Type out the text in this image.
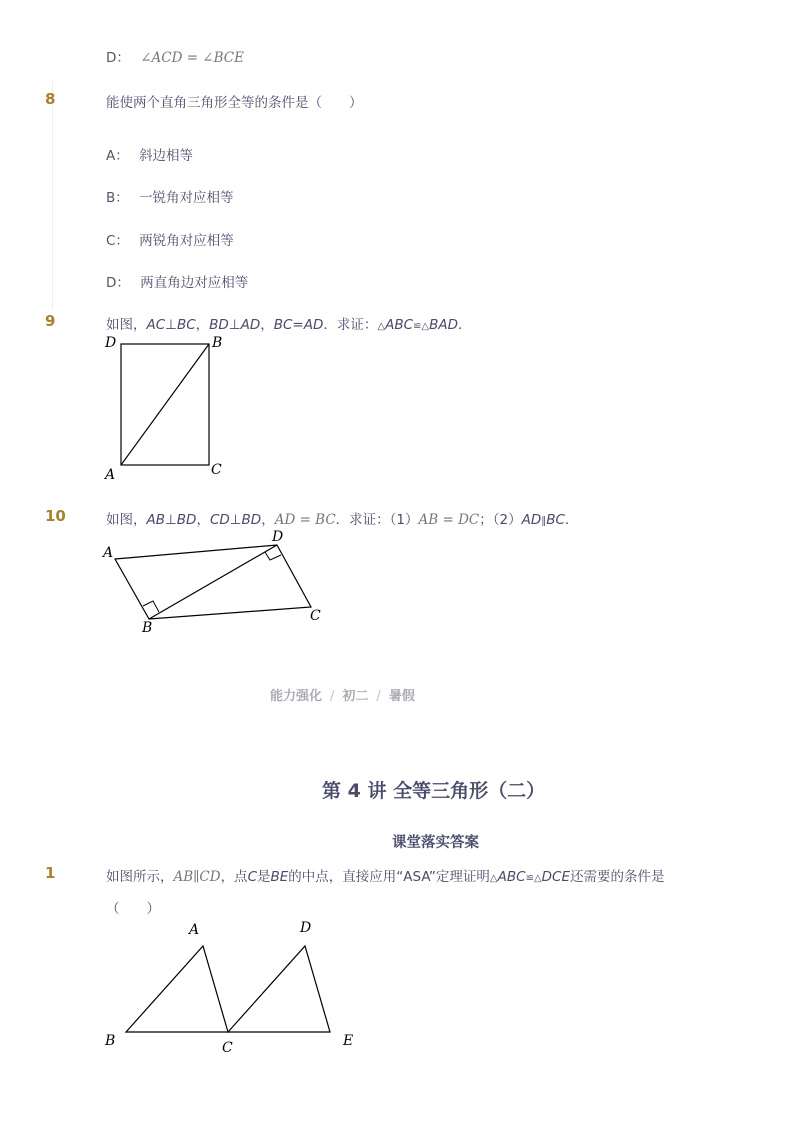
D： ∠ACD = ∠BCE
8	能使两个直角三角形全等的条件是（　　）
A： 斜边相等
B： 一锐角对应相等
C： 两锐角对应相等
D： 两直角边对应相等
9	如图，AC⊥BC，BD⊥AD，BC=AD．求证：△ABC≌△BAD．
D	B
A	C
10	如图，AB⊥BD，CD⊥BD，AD = BC．求证：（1）AB = DC；（2）AD∥BC．
A
D
B
C
能力强化 / 初二 / 暑假
第 4 讲 全等三角形（二）
课堂落实答案
1	如图所示，AB∥CD，点C是BE的中点，直接应用“ASA”定理证明△ABC≌△DCE还需要的条件是
（　　）
A	D
B	C	E
